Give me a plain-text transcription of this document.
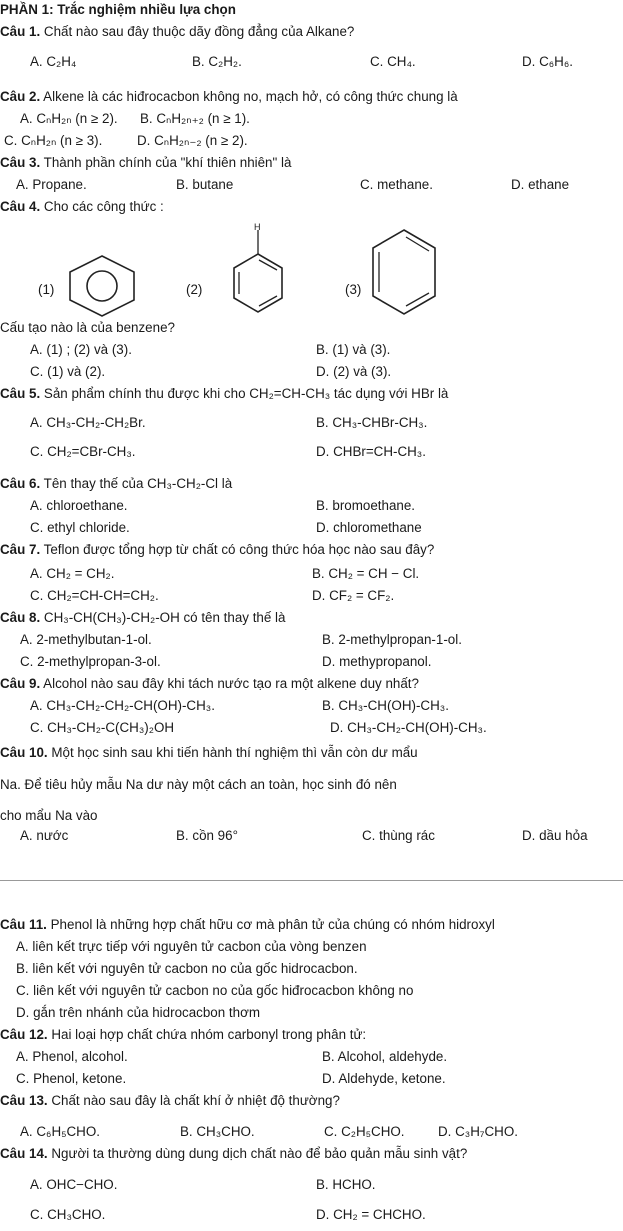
PHẦN 1: Trắc nghiệm nhiều lựa chọn
Câu 1. Chất nào sau đây thuộc dãy đồng đẳng của Alkane?
A. C₂H₄	B. C₂H₂.	C. CH₄.	D. C₆H₆.
Câu 2. Alkene là các hiđrocacbon không no, mạch hở, có công thức chung là
A. CₙH₂ₙ (n ≥ 2). B. CₙH₂ₙ₊₂ (n ≥ 1).
C. CₙH₂ₙ (n ≥ 3).	D. CₙH₂ₙ₋₂ (n ≥ 2).
Câu 3. Thành phần chính của "khí thiên nhiên" là
A. Propane.	B. butane	C. methane.	D. ethane
Câu 4. Cho các công thức :
(1)	(2)
H
(3)
Cấu tạo nào là của benzene?
A. (1) ; (2) và (3).	B. (1) và (3).
C. (1) và (2).	D. (2) và (3).
Câu 5. Sản phẩm chính thu được khi cho CH₂=CH-CH₃ tác dụng với HBr là
A. CH₃-CH₂-CH₂Br.	B. CH₃-CHBr-CH₃.
C. CH₂=CBr-CH₃.	D. CHBr=CH-CH₃.
Câu 6. Tên thay thế của CH₃-CH₂-Cl là
A. chloroethane.	B. bromoethane.
C. ethyl chloride.	D. chloromethane
Câu 7. Teflon được tổng hợp từ chất có công thức hóa học nào sau đây?
A. CH₂ = CH₂.	B. CH₂ = CH − Cl.
C. CH₂=CH-CH=CH₂.	D. CF₂ = CF₂.
Câu 8. CH₃-CH(CH₃)-CH₂-OH có tên thay thế là
A. 2-methylbutan-1-ol.	B. 2-methylpropan-1-ol.
C. 2-methylpropan-3-ol.	D. methypropanol.
Câu 9. Alcohol nào sau đây khi tách nước tạo ra một alkene duy nhất?
A. CH₃-CH₂-CH₂-CH(OH)-CH₃.	B. CH₃-CH(OH)-CH₃.
C. CH₃-CH₂-C(CH₃)₂OH	D. CH₃-CH₂-CH(OH)-CH₃.
Câu 10. Một học sinh sau khi tiến hành thí nghiệm thì vẫn còn dư mẩu
Na. Để tiêu hủy mẫu Na dư này một cách an toàn, học sinh đó nên
cho mẩu Na vào
A. nước	B. cồn 96°	C. thùng rác	D. dầu hỏa
Câu 11. Phenol là những hợp chất hữu cơ mà phân tử của chúng có nhóm hidroxyl
A. liên kết trực tiếp với nguyên tử cacbon của vòng benzen
B. liên kết với nguyên tử cacbon no của gốc hidrocacbon.
C. liên kết với nguyên tử cacbon no của gốc hiđrocacbon không no
D. gắn trên nhánh của hidrocacbon thơm
Câu 12. Hai loại hợp chất chứa nhóm carbonyl trong phân tử:
A. Phenol, alcohol.	B. Alcohol, aldehyde.
C. Phenol, ketone.	D. Aldehyde, ketone.
Câu 13. Chất nào sau đây là chất khí ở nhiệt độ thường?
A. C₆H₅CHO.	B. CH₃CHO.	C. C₂H₅CHO. D. C₃H₇CHO.
Câu 14. Người ta thường dùng dung dịch chất nào để bảo quản mẫu sinh vật?
A. OHC−CHO.	B. HCHO.
C. CH₃CHO.	D. CH₂ = CHCHO.
